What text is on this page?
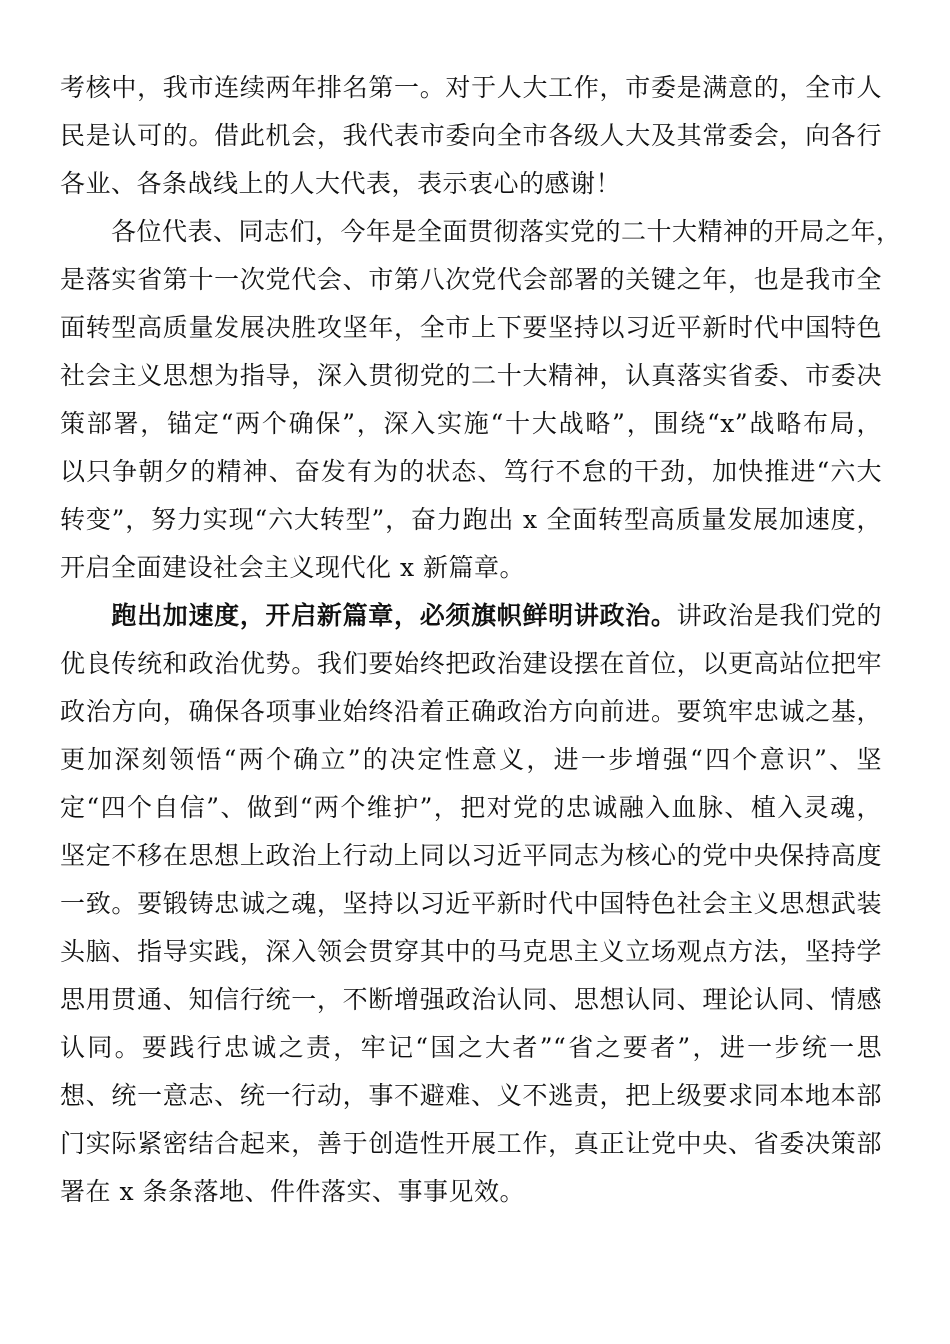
考核中，我市连续两年排名第一。对于人大工作，市委是满意的，全市人
民是认可的。借此机会，我代表市委向全市各级人大及其常委会，向各行
各业、各条战线上的人大代表，表示衷心的感谢！
　　各位代表、同志们，今年是全面贯彻落实党的二十大精神的开局之年，
是落实省第十一次党代会、市第八次党代会部署的关键之年，也是我市全
面转型高质量发展决胜攻坚年，全市上下要坚持以习近平新时代中国特色
社会主义思想为指导，深入贯彻党的二十大精神，认真落实省委、市委决
策部署，锚定“两个确保”，深入实施“十大战略”，围绕“x”战略布局，
以只争朝夕的精神、奋发有为的状态、笃行不怠的干劲，加快推进“六大
转变”，努力实现“六大转型”，奋力跑出 x 全面转型高质量发展加速度，
开启全面建设社会主义现代化 x 新篇章。
　　跑出加速度，开启新篇章，必须旗帜鲜明讲政治。讲政治是我们党的
优良传统和政治优势。我们要始终把政治建设摆在首位，以更高站位把牢
政治方向，确保各项事业始终沿着正确政治方向前进。要筑牢忠诚之基，
更加深刻领悟“两个确立”的决定性意义，进一步增强“四个意识”、坚
定“四个自信”、做到“两个维护”，把对党的忠诚融入血脉、植入灵魂，
坚定不移在思想上政治上行动上同以习近平同志为核心的党中央保持高度
一致。要锻铸忠诚之魂，坚持以习近平新时代中国特色社会主义思想武装
头脑、指导实践，深入领会贯穿其中的马克思主义立场观点方法，坚持学
思用贯通、知信行统一，不断增强政治认同、思想认同、理论认同、情感
认同。要践行忠诚之责，牢记“国之大者”“省之要者”，进一步统一思
想、统一意志、统一行动，事不避难、义不逃责，把上级要求同本地本部
门实际紧密结合起来，善于创造性开展工作，真正让党中央、省委决策部
署在 x 条条落地、件件落实、事事见效。
